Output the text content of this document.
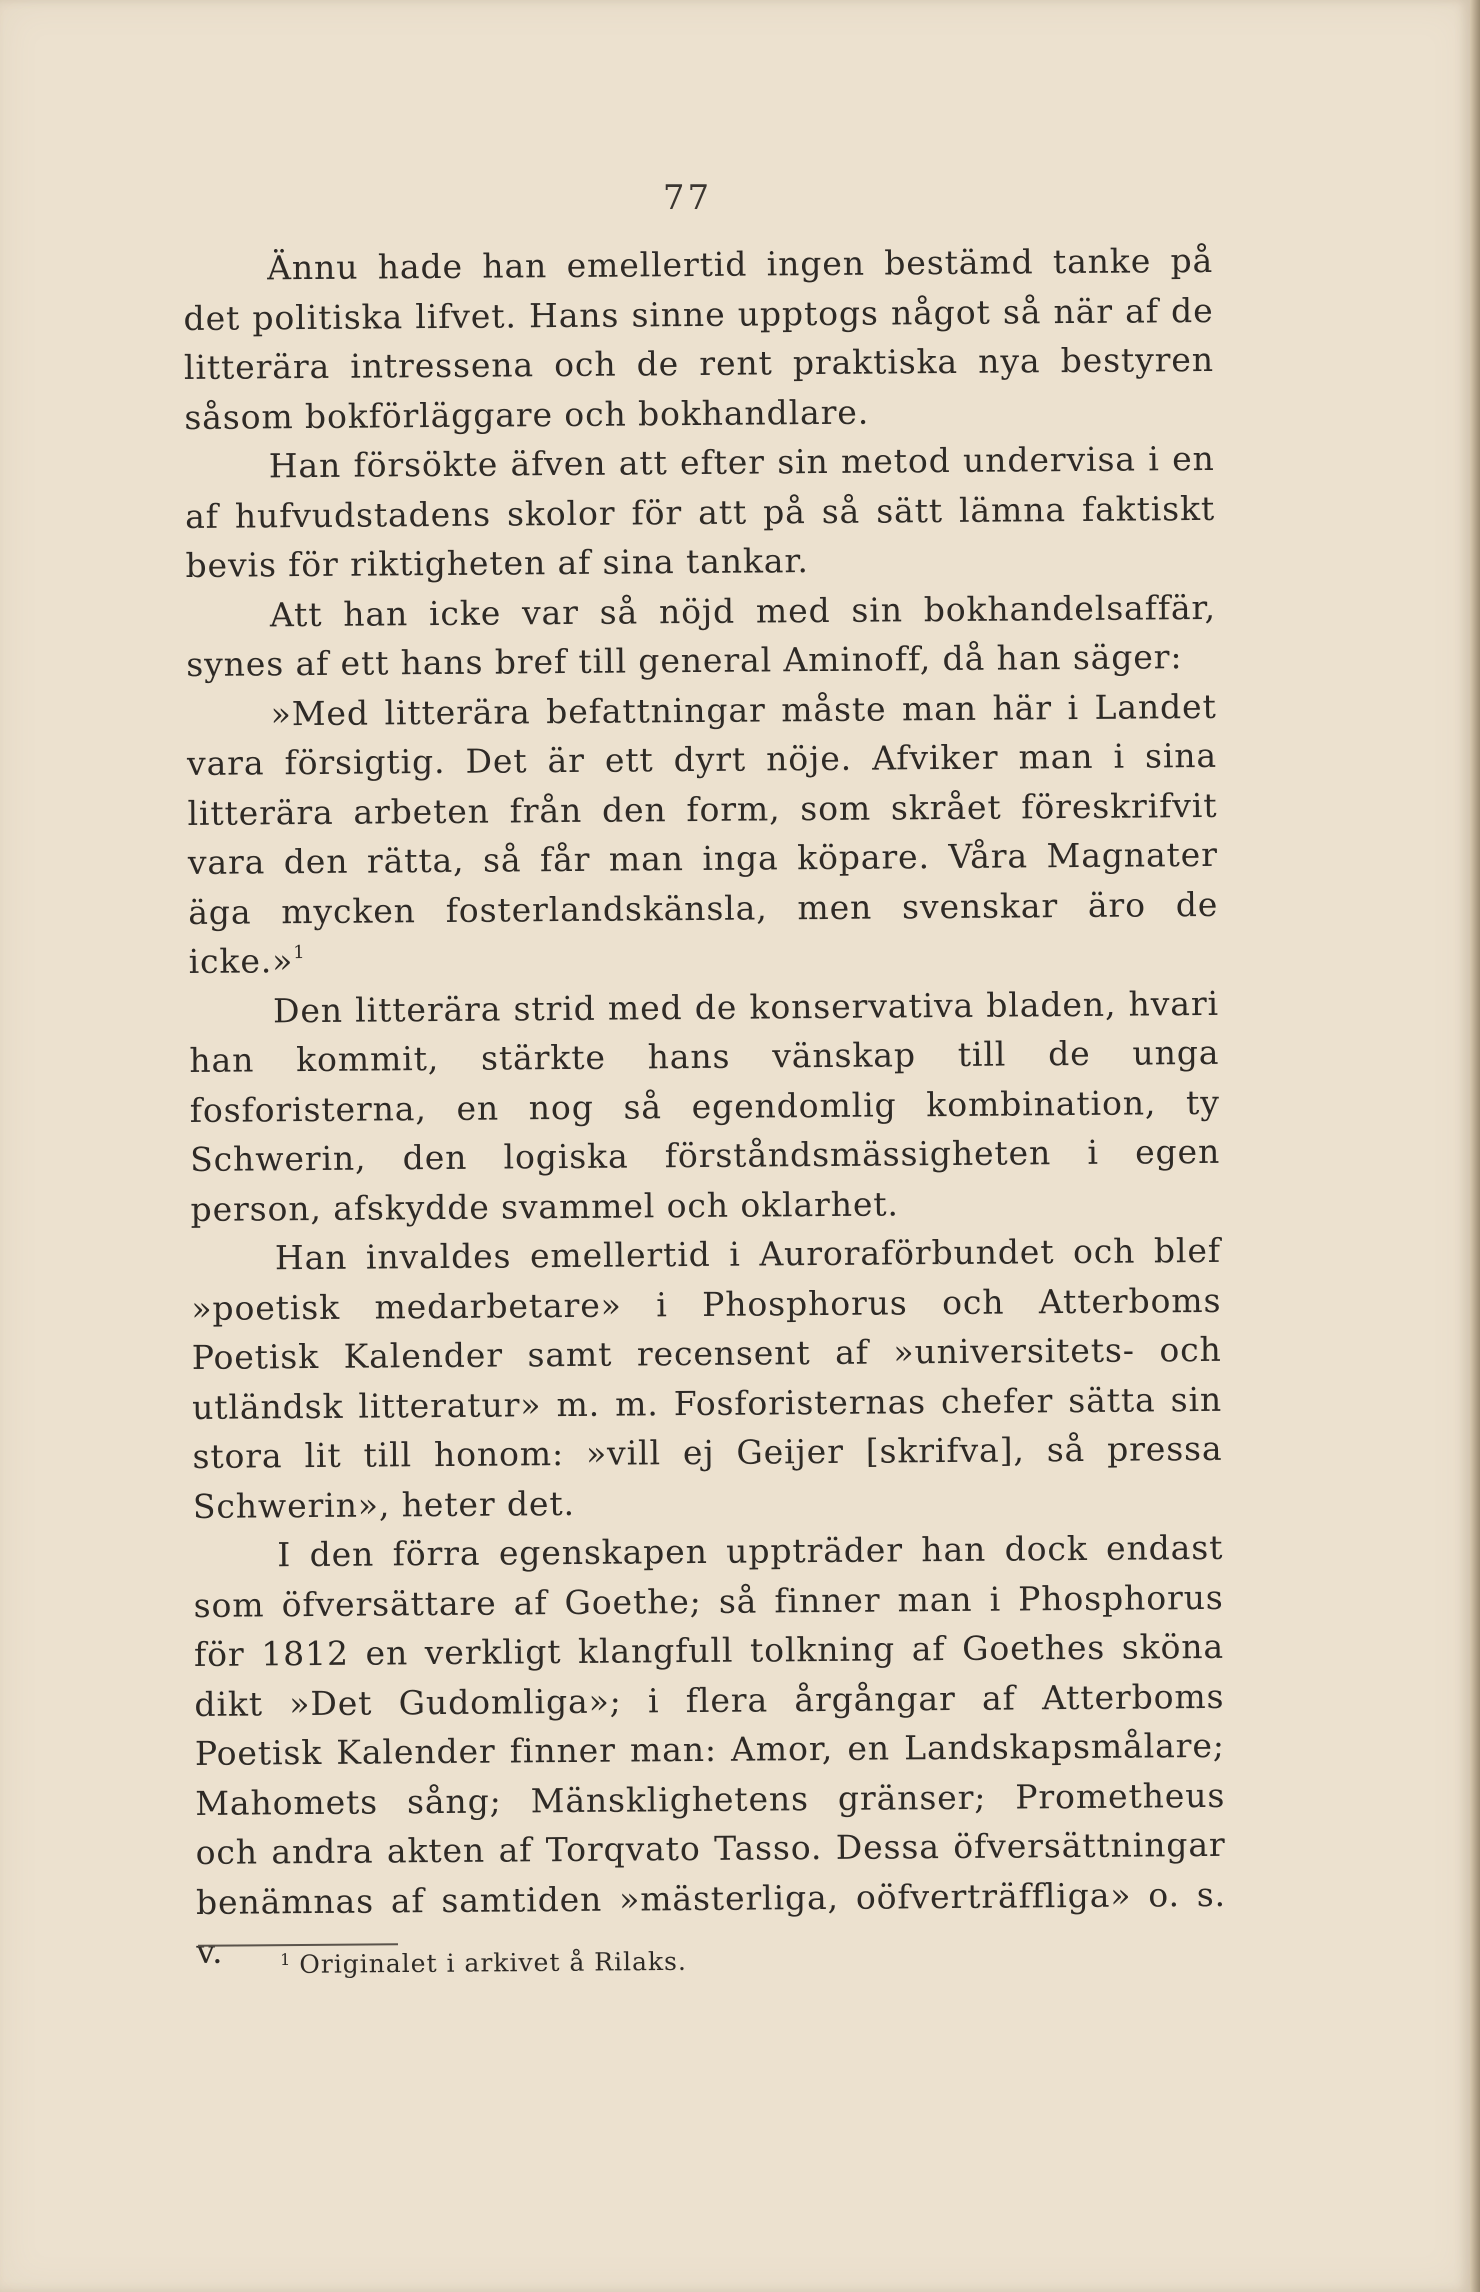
77

Ännu hade han emellertid ingen bestämd tanke på det politiska lifvet. Hans sinne upptogs något så när af de litterära intressena och de rent praktiska nya bestyren såsom bokförläggare och bokhandlare.

Han försökte äfven att efter sin metod undervisa i en af hufvudstadens skolor för att på så sätt lämna faktiskt bevis för riktigheten af sina tankar.

Att han icke var så nöjd med sin bokhandelsaffär, synes af ett hans bref till general Aminoff, då han säger:

»Med litterära befattningar måste man här i Landet vara försigtig. Det är ett dyrt nöje. Afviker man i sina litterära arbeten från den form, som skrået föreskrifvit vara den rätta, så får man inga köpare. Våra Magnater äga mycken fosterlandskänsla, men svenskar äro de icke.»$^1$

Den litterära strid med de konservativa bladen, hvari han kommit, stärkte hans vänskap till de unga fosforisterna, en nog så egendomlig kombination, ty Schwerin, den logiska förståndsmässigheten i egen person, afskydde svammel och oklarhet.

Han invaldes emellertid i Auroraförbundet och blef »poetisk medarbetare» i Phosphorus och Atterboms Poetisk Kalender samt recensent af »universitets- och utländsk litteratur» m. m. Fosforisternas chefer sätta sin stora lit till honom: »vill ej Geijer [skrifva], så pressa Schwerin», heter det.

I den förra egenskapen uppträder han dock endast som öfversättare af Goethe; så finner man i Phosphorus för 1812 en verkligt klangfull tolkning af Goethes sköna dikt »Det Gudomliga»; i flera årgångar af Atterboms Poetisk Kalender finner man: Amor, en Landskapsmålare; Mahomets sång; Mänsklighetens gränser; Prometheus och andra akten af Torqvato Tasso. Dessa öfversättningar benämnas af samtiden »mästerliga, oöfverträffliga» o. s. v.	$^1$ Originalet i arkivet å Rilaks.
